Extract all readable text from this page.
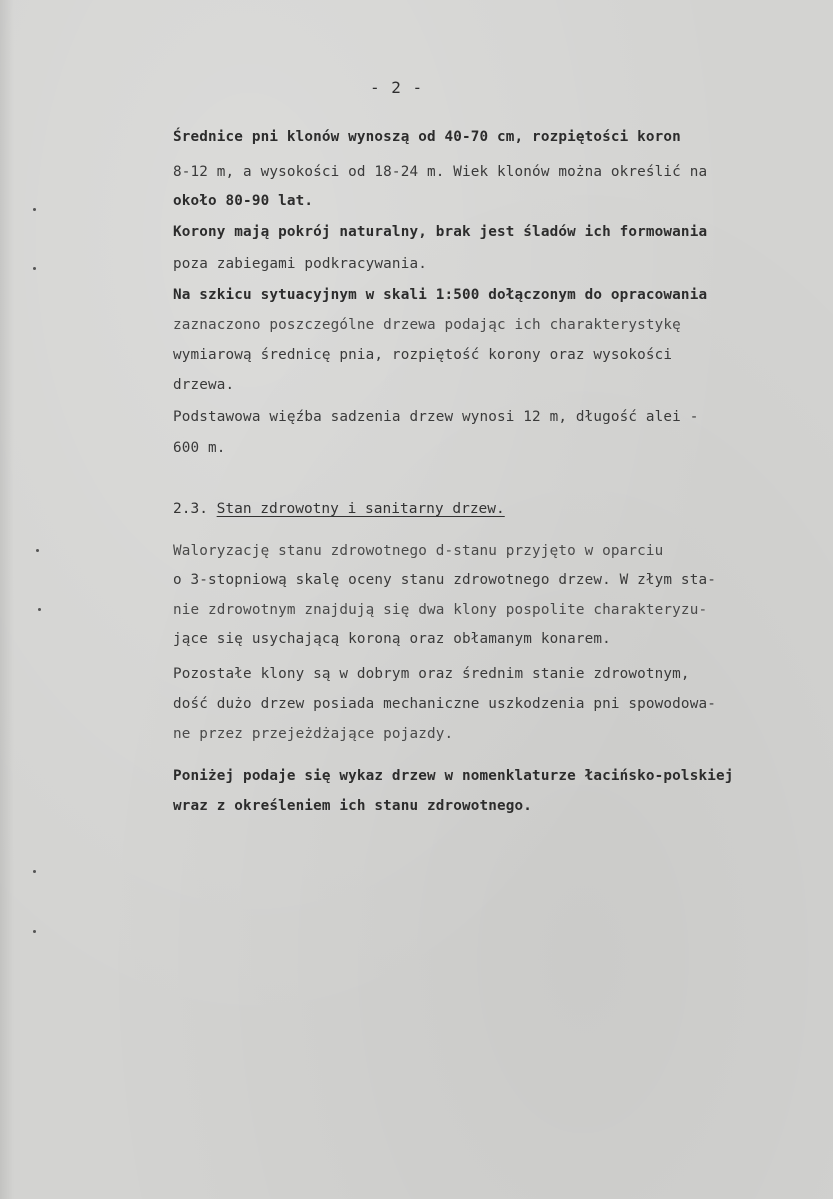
- 2 -
Średnice pni klonów wynoszą od 40-70 cm, rozpiętości koron
8-12 m, a wysokości od 18-24 m. Wiek klonów można określić na
około 80-90 lat.
Korony mają pokrój naturalny, brak jest śladów ich formowania
poza zabiegami podkracywania.
Na szkicu sytuacyjnym w skali 1:500 dołączonym do opracowania
zaznaczono poszczególne drzewa podając ich charakterystykę
wymiarową średnicę pnia, rozpiętość korony oraz wysokości
drzewa.
Podstawowa więźba sadzenia drzew wynosi 12 m, długość alei -
600 m.
2.3. Stan zdrowotny i sanitarny drzew.
Waloryzację stanu zdrowotnego d-stanu przyjęto w oparciu
o 3-stopniową skalę oceny stanu zdrowotnego drzew. W złym sta-
nie zdrowotnym znajdują się dwa klony pospolite charakteryzu-
jące się usychającą koroną oraz obłamanym konarem.
Pozostałe klony są w dobrym oraz średnim stanie zdrowotnym,
dość dużo drzew posiada mechaniczne uszkodzenia pni spowodowa-
ne przez przejeżdżające pojazdy.
Poniżej podaje się wykaz drzew w nomenklaturze łacińsko-polskiej
wraz z określeniem ich stanu zdrowotnego.
